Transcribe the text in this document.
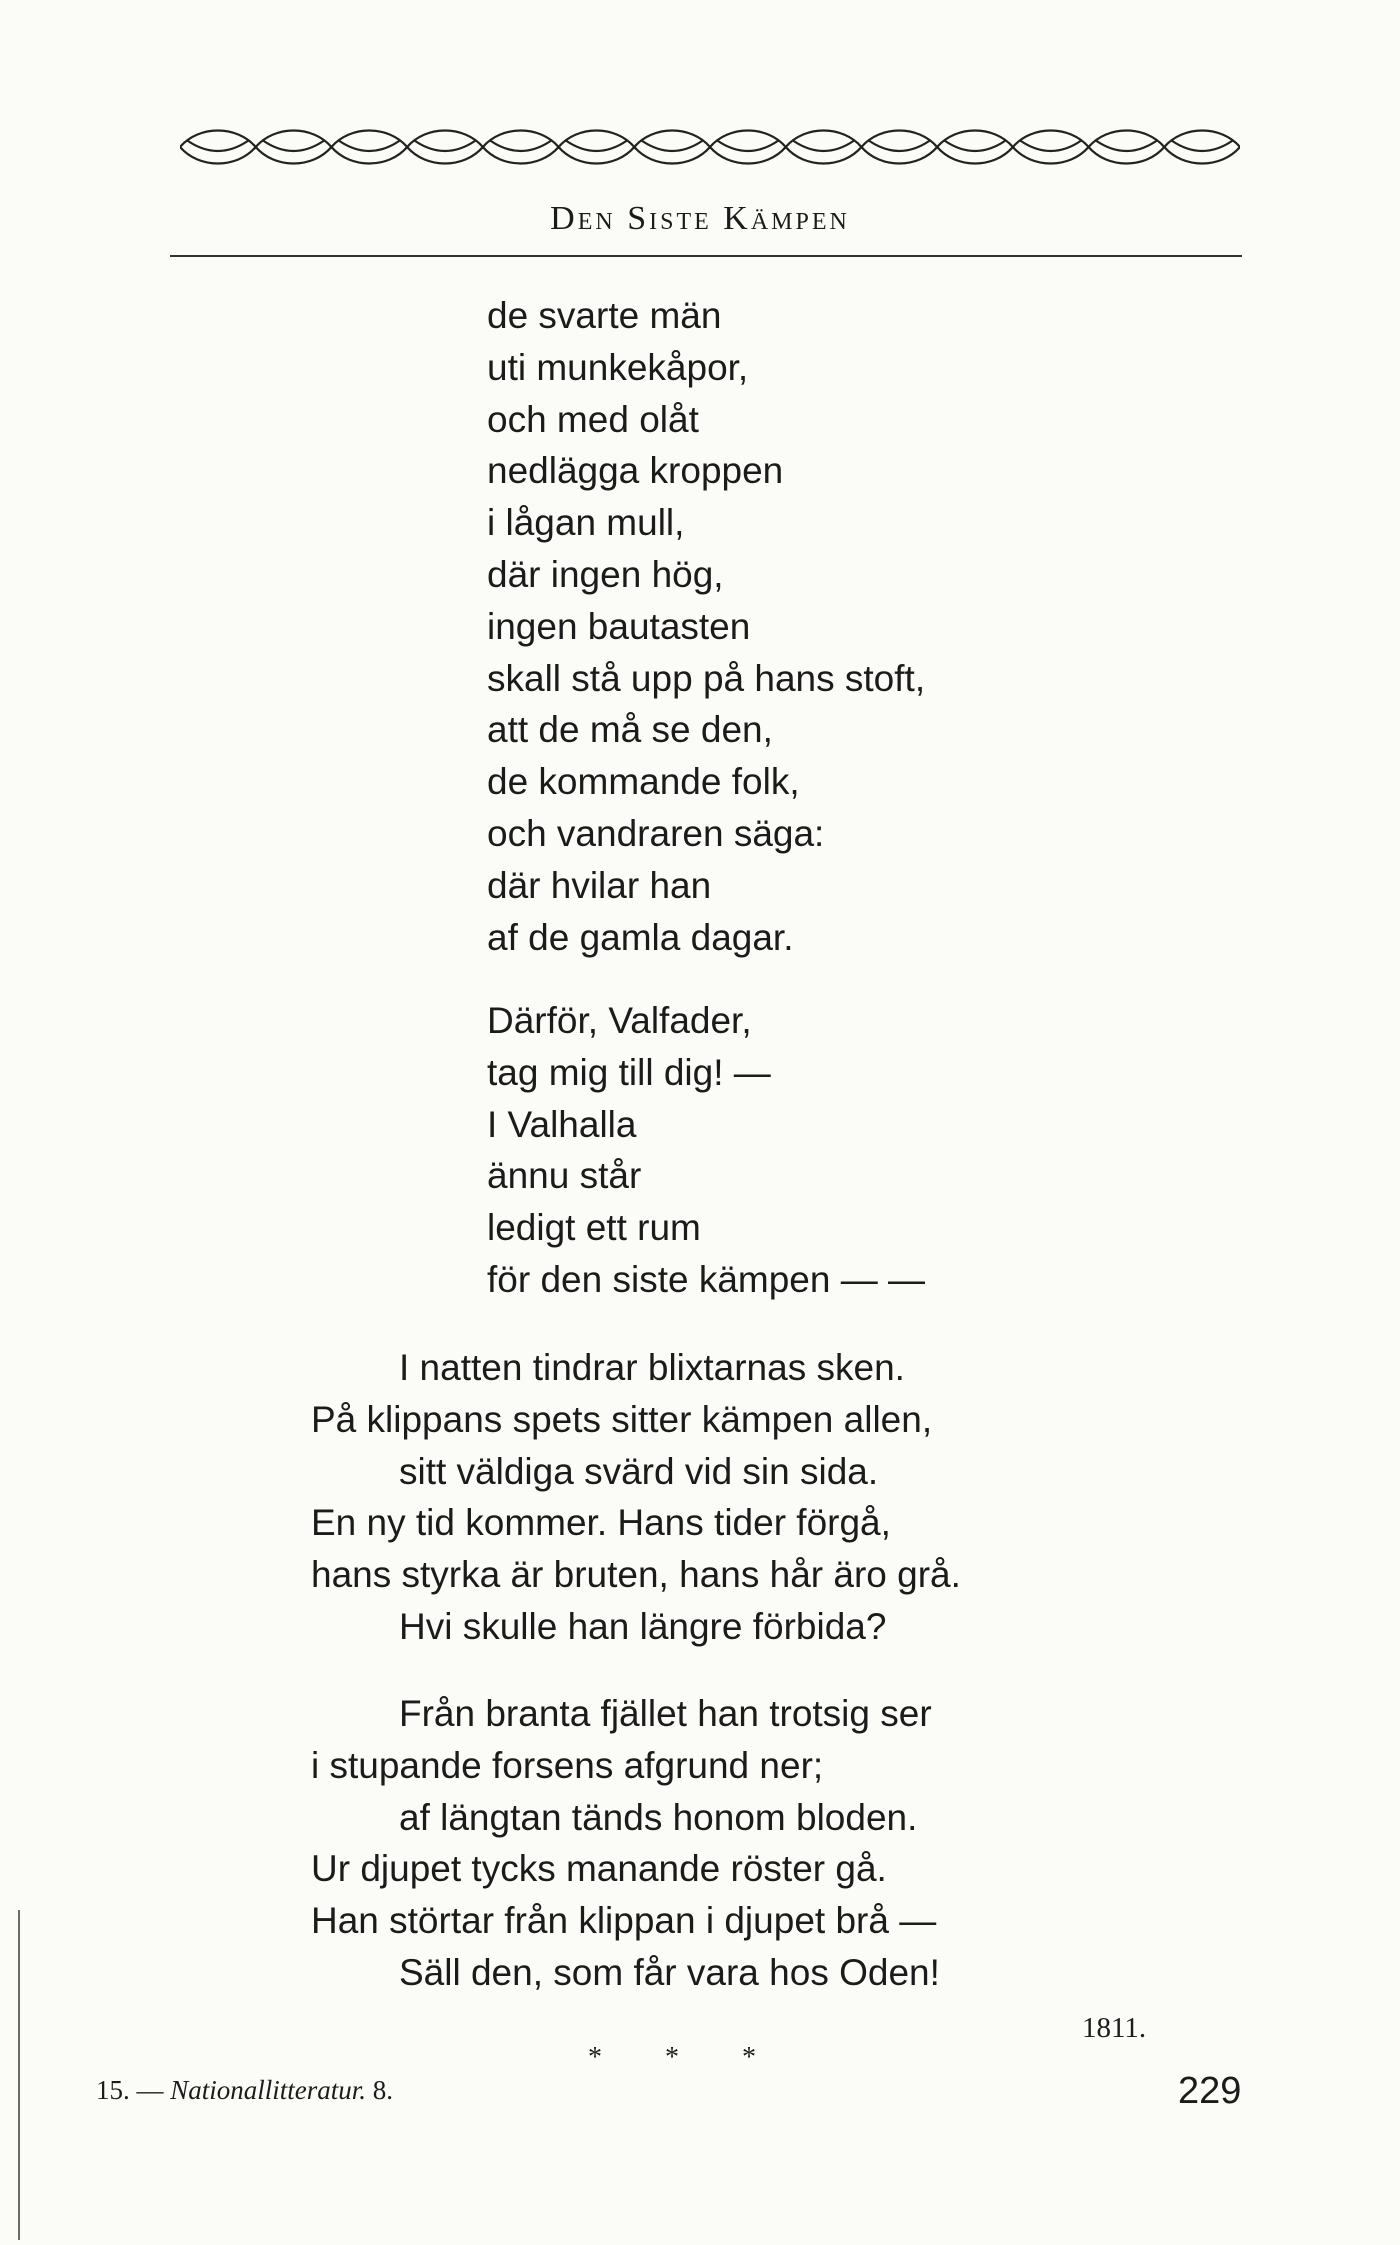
Den Siste Kämpen
de svarte män
uti munkekåpor,
och med olåt
nedlägga kroppen
i lågan mull,
där ingen hög,
ingen bautasten
skall stå upp på hans stoft,
att de må se den,
de kommande folk,
och vandraren säga:
där hvilar han
af de gamla dagar.
Därför, Valfader,
tag mig till dig! —
I Valhalla
ännu står
ledigt ett rum
för den siste kämpen — —
I natten tindrar blixtarnas sken.
På klippans spets sitter kämpen allen,
sitt väldiga svärd vid sin sida.
En ny tid kommer. Hans tider förgå,
hans styrka är bruten, hans hår äro grå.
Hvi skulle han längre förbida?
Från branta fjället han trotsig ser
i stupande forsens afgrund ner;
af längtan tänds honom bloden.
Ur djupet tycks manande röster gå.
Han störtar från klippan i djupet brå —
Säll den, som får vara hos Oden!
1811.
* * *
15. — Nationallitteratur. 8.	229
